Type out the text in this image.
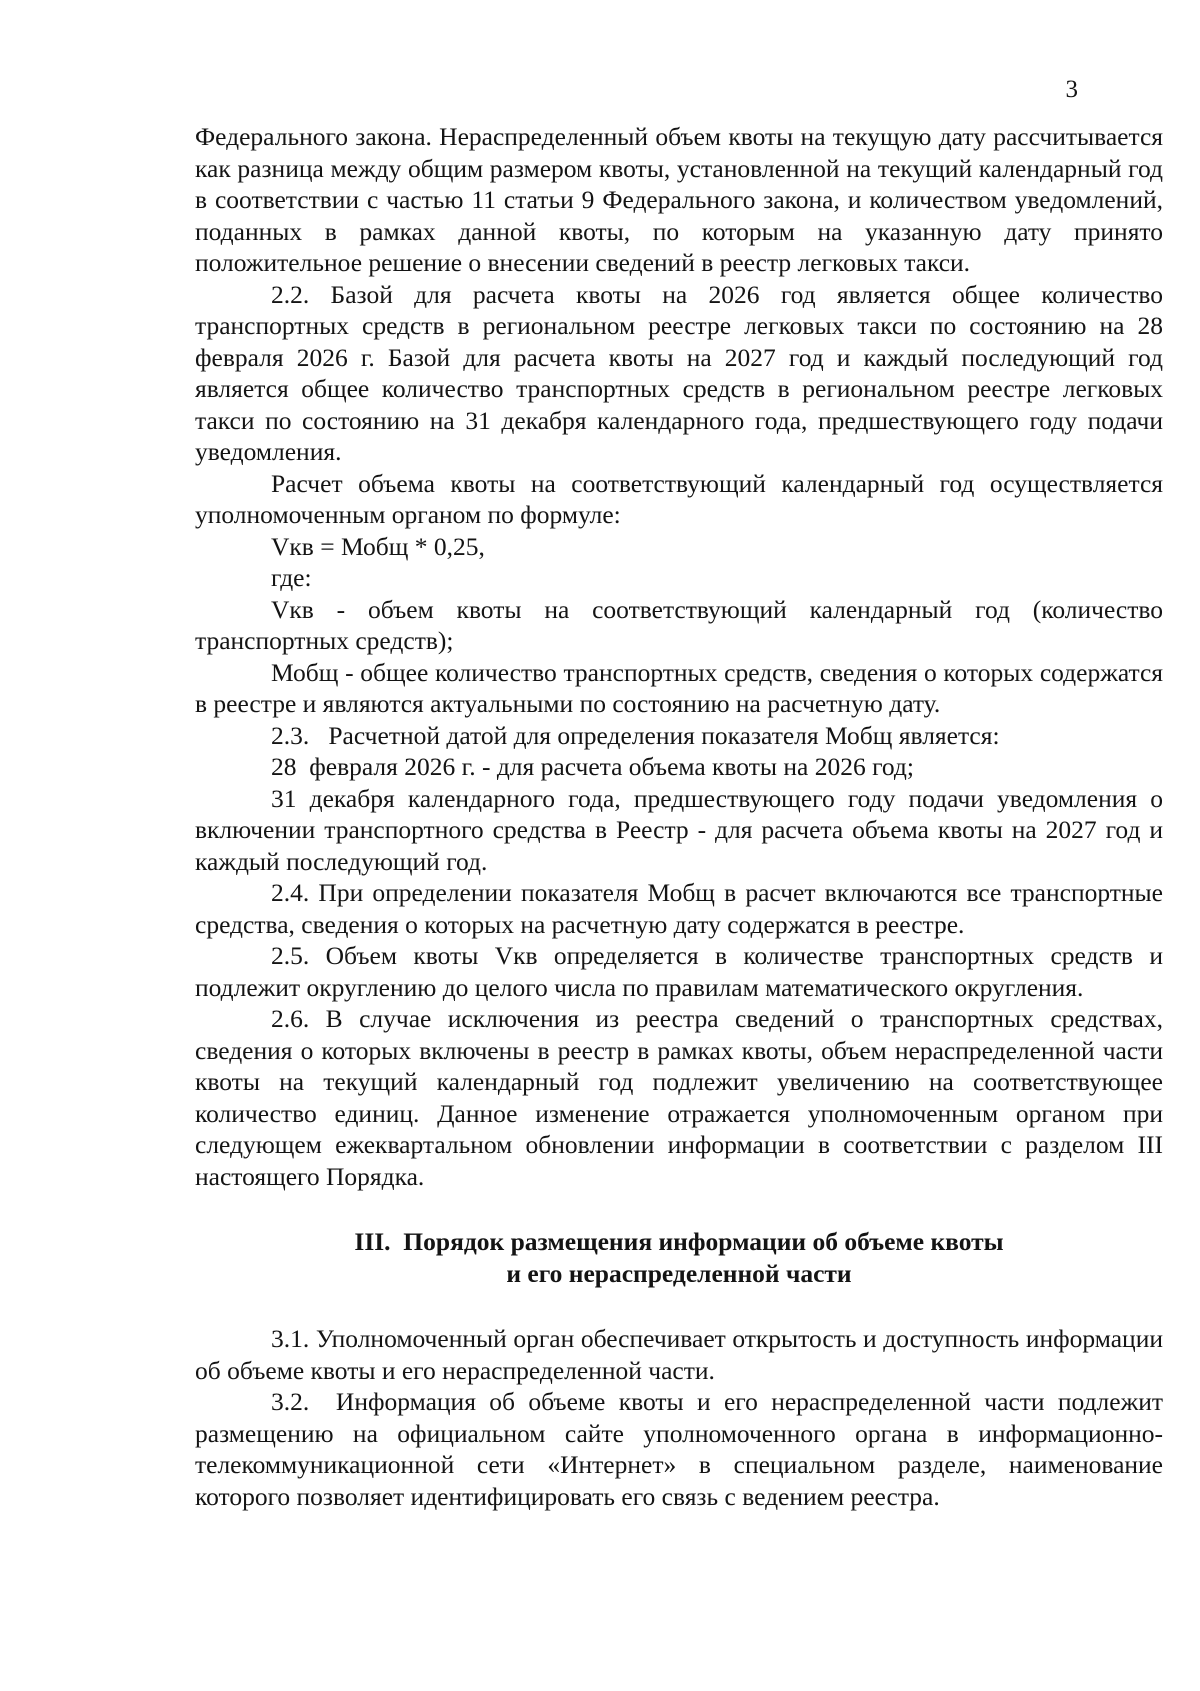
3

Федерального закона. Нераспределенный объем квоты на текущую дату рассчитывается как разница между общим размером квоты, установленной на текущий календарный год в соответствии с частью 11 статьи 9 Федерального закона, и количеством уведомлений, поданных в рамках данной квоты, по которым на указанную дату принято положительное решение о внесении сведений в реестр легковых такси.

2.2. Базой для расчета квоты на 2026 год является общее количество транспортных средств в региональном реестре легковых такси по состоянию на 28 февраля 2026 г. Базой для расчета квоты на 2027 год и каждый последующий год является общее количество транспортных средств в региональном реестре легковых такси по состоянию на 31 декабря календарного года, предшествующего году подачи уведомления.

Расчет объема квоты на соответствующий календарный год осуществляется уполномоченным органом по формуле:

Vкв = Мобщ * 0,25,

где:

Vкв - объем квоты на соответствующий календарный год (количество транспортных средств);

Мобщ - общее количество транспортных средств, сведения о которых содержатся в реестре и являются актуальными по состоянию на расчетную дату.

2.3.   Расчетной датой для определения показателя Мобщ является:

28  февраля 2026 г. - для расчета объема квоты на 2026 год;

31 декабря календарного года, предшествующего году подачи уведомления о включении транспортного средства в Реестр - для расчета объема квоты на 2027 год и каждый последующий год.

2.4. При определении показателя Мобщ в расчет включаются все транспортные средства, сведения о которых на расчетную дату содержатся в реестре.

2.5. Объем квоты Vкв определяется в количестве транспортных средств и подлежит округлению до целого числа по правилам математического округления.

2.6. В случае исключения из реестра сведений о транспортных средствах, сведения о которых включены в реестр в рамках квоты, объем нераспределенной части квоты на текущий календарный год подлежит увеличению на соответствующее количество единиц. Данное изменение отражается уполномоченным органом при следующем ежеквартальном обновлении информации в соответствии с разделом III настоящего Порядка.

III.  Порядок размещения информации об объеме квоты
и его нераспределенной части

3.1. Уполномоченный орган обеспечивает открытость и доступность информации об объеме квоты и его нераспределенной части.

3.2.  Информация об объеме квоты и его нераспределенной части подлежит размещению на официальном сайте уполномоченного органа в информационно-телекоммуникационной сети «Интернет» в специальном разделе, наименование которого позволяет идентифицировать его связь с ведением реестра.
